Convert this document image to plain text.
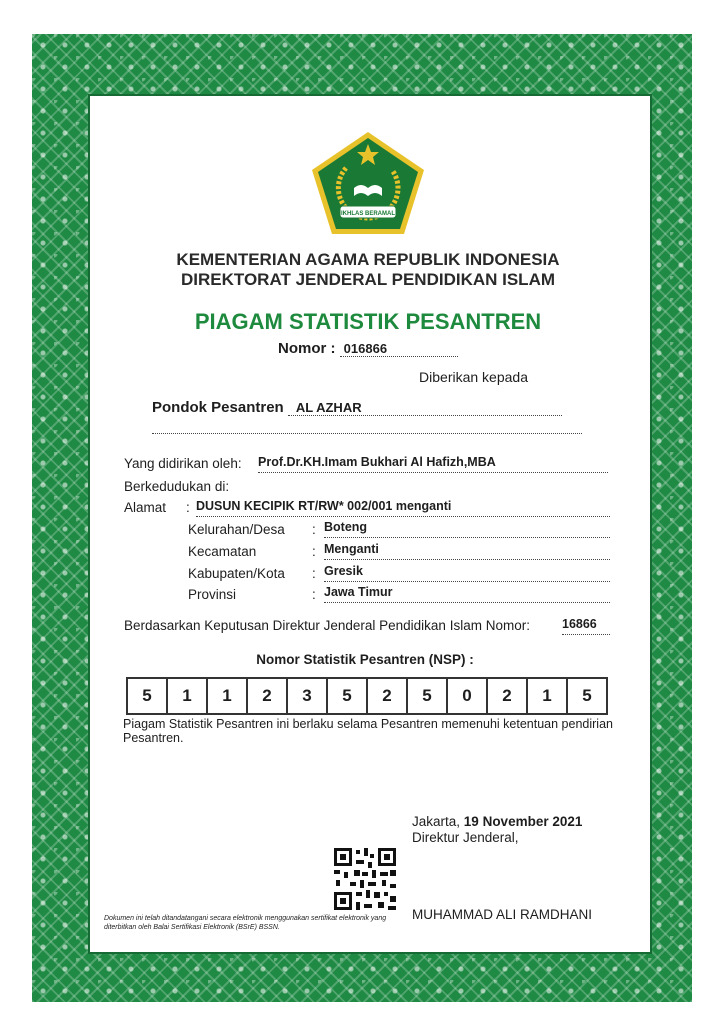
IKHLAS BERAMAL
KEMENTERIAN AGAMA REPUBLIK INDONESIA
DIREKTORAT JENDERAL PENDIDIKAN ISLAM
PIAGAM STATISTIK PESANTREN
Nomor : 016866
Diberikan kepada
Pondok Pesantren AL AZHAR
Yang didirikan oleh: Prof.Dr.KH.Imam Bukhari Al Hafizh,MBA
Berkedudukan di:
Alamat : DUSUN KECIPIK RT/RW* 002/001 menganti
Kelurahan/Desa : Boteng
Kecamatan	: Menganti
Kabupaten/Kota : Gresik
Provinsi	: Jawa Timur
Berdasarkan Keputusan Direktur Jenderal Pendidikan Islam Nomor:	16866
Nomor Statistik Pesantren (NSP) :
5	1	1	2	3	5	2	5	0	2	1	5
Piagam Statistik Pesantren ini berlaku selama Pesantren memenuhi ketentuan pendirian Pesantren.
Jakarta, 19 November 2021
Direktur Jenderal,
MUHAMMAD ALI RAMDHANI
Dokumen ini telah ditandatangani secara elektronik menggunakan sertifikat elektronik yang diterbitkan oleh Balai Sertifikasi Elektronik (BSrE) BSSN.
